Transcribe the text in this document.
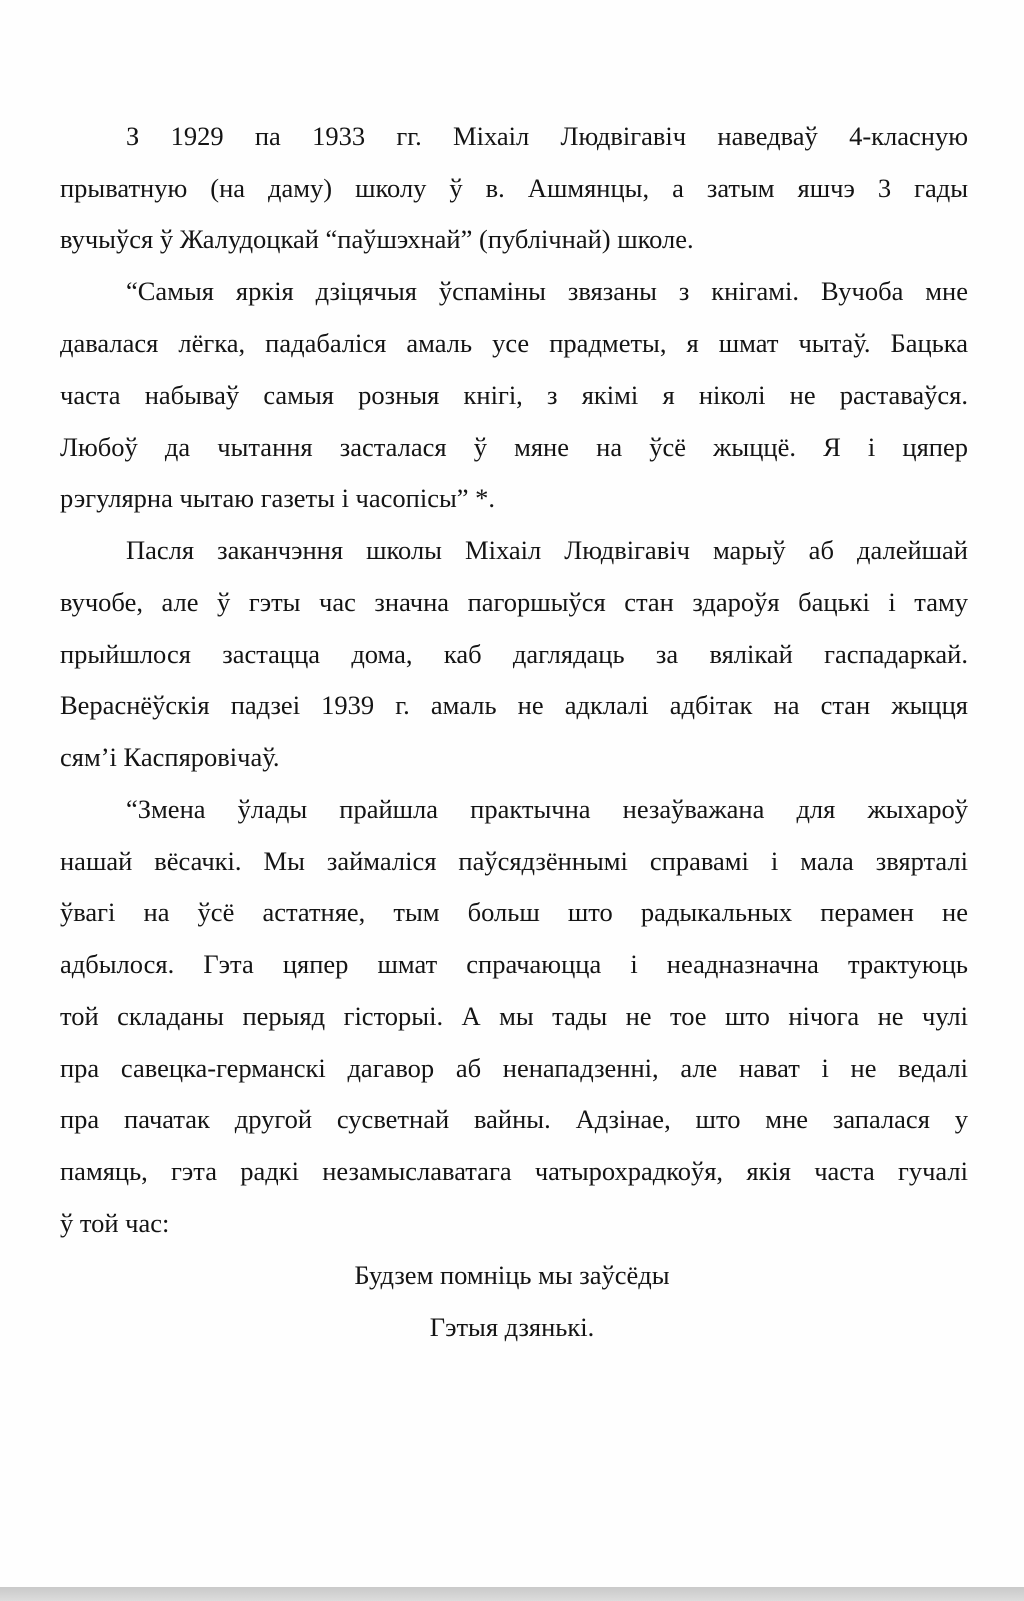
З 1929 па 1933 гг. Міхаіл Людвігавіч наведваў 4-класную
прыватную (на даму) школу ў в. Ашмянцы, а затым яшчэ 3 гады
вучыўся ў Жалудоцкай “паўшэхнай” (публічнай) школе.
“Самыя яркія дзіцячыя ўспаміны звязаны з кнігамі. Вучоба мне
давалася лёгка, падабаліся амаль усе прадметы, я шмат чытаў. Бацька
часта набываў самыя розныя кнігі, з якімі я ніколі не раставаўся.
Любоў да чытання засталася ў мяне на ўсё жыццё. Я і цяпер
рэгулярна чытаю газеты і часопісы” *.
Пасля заканчэння школы Міхаіл Людвігавіч марыў аб далейшай
вучобе, але ў гэты час значна пагоршыўся стан здароўя бацькі і таму
прыйшлося застацца дома, каб даглядаць за вялікай гаспадаркай.
Вераснёўскія падзеі 1939 г. амаль не адклалі адбітак на стан жыцця
сям’і Каспяровічаў.
“Змена ўлады прайшла практычна незаўважана для жыхароў
нашай вёсачкі. Мы займаліся паўсядзённымі справамі і мала звярталі
ўвагі на ўсё астатняе, тым больш што радыкальных перамен не
адбылося. Гэта цяпер шмат спрачаюцца і неадназначна трактуюць
той складаны перыяд гісторыі. А мы тады не тое што нічога не чулі
пра савецка-германскі дагавор аб ненападзенні, але нават і не ведалі
пра пачатак другой сусветнай вайны. Адзінае, што мне запалася у
памяць, гэта радкі незамыславатага чатырохрадкоўя, якія часта гучалі
ў той час:
Будзем помніць мы заўсёды
Гэтыя дзянькі.
